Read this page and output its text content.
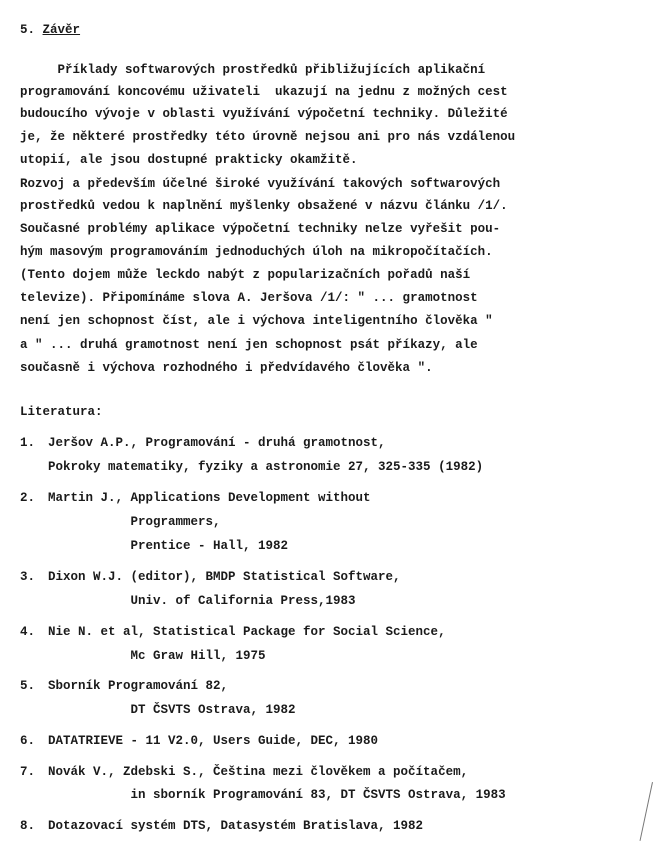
5. Závěr
Příklady softwarových prostředků přibližujících aplikační
programování koncovému uživateli  ukazují na jednu z možných cest
budoucího vývoje v oblasti využívání výpočetní techniky. Důležité
je, že některé prostředky této úrovně nejsou ani pro nás vzdálenou
utopií, ale jsou dostupné prakticky okamžitě.
Rozvoj a především účelné široké využívání takových softwarových
prostředků vedou k naplnění myšlenky obsažené v názvu článku /1/.
Současné problémy aplikace výpočetní techniky nelze vyřešit pou-
hým masovým programováním jednoduchých úloh na mikropočítačích.
(Tento dojem může leckdo nabýt z popularizačních pořadů naší
televize). Připomínáme slova A. Jeršova /1/: " ... gramotnost
není jen schopnost číst, ale i výchova inteligentního člověka "
a " ... druhá gramotnost není jen schopnost psát příkazy, ale
současně i výchova rozhodného i předvídavého člověka ".
Literatura:
1. Jeršov A.P., Programování - druhá gramotnost,
Pokroky matematiky, fyziky a astronomie 27, 325-335 (1982)
2. Martin J., Applications Development without
Programmers,
Prentice - Hall, 1982
3. Dixon W.J. (editor), BMDP Statistical Software,
Univ. of California Press,1983
4. Nie N. et al, Statistical Package for Social Science,
Mc Graw Hill, 1975
5. Sborník Programování 82,
DT ČSVTS Ostrava, 1982
6. DATATRIEVE - 11 V2.0, Users Guide, DEC, 1980
7. Novák V., Zdebski S., Čeština mezi člověkem a počítačem,
in sborník Programování 83, DT ČSVTS Ostrava, 1983
8. Dotazovací systém DTS, Datasystém Bratislava, 1982
